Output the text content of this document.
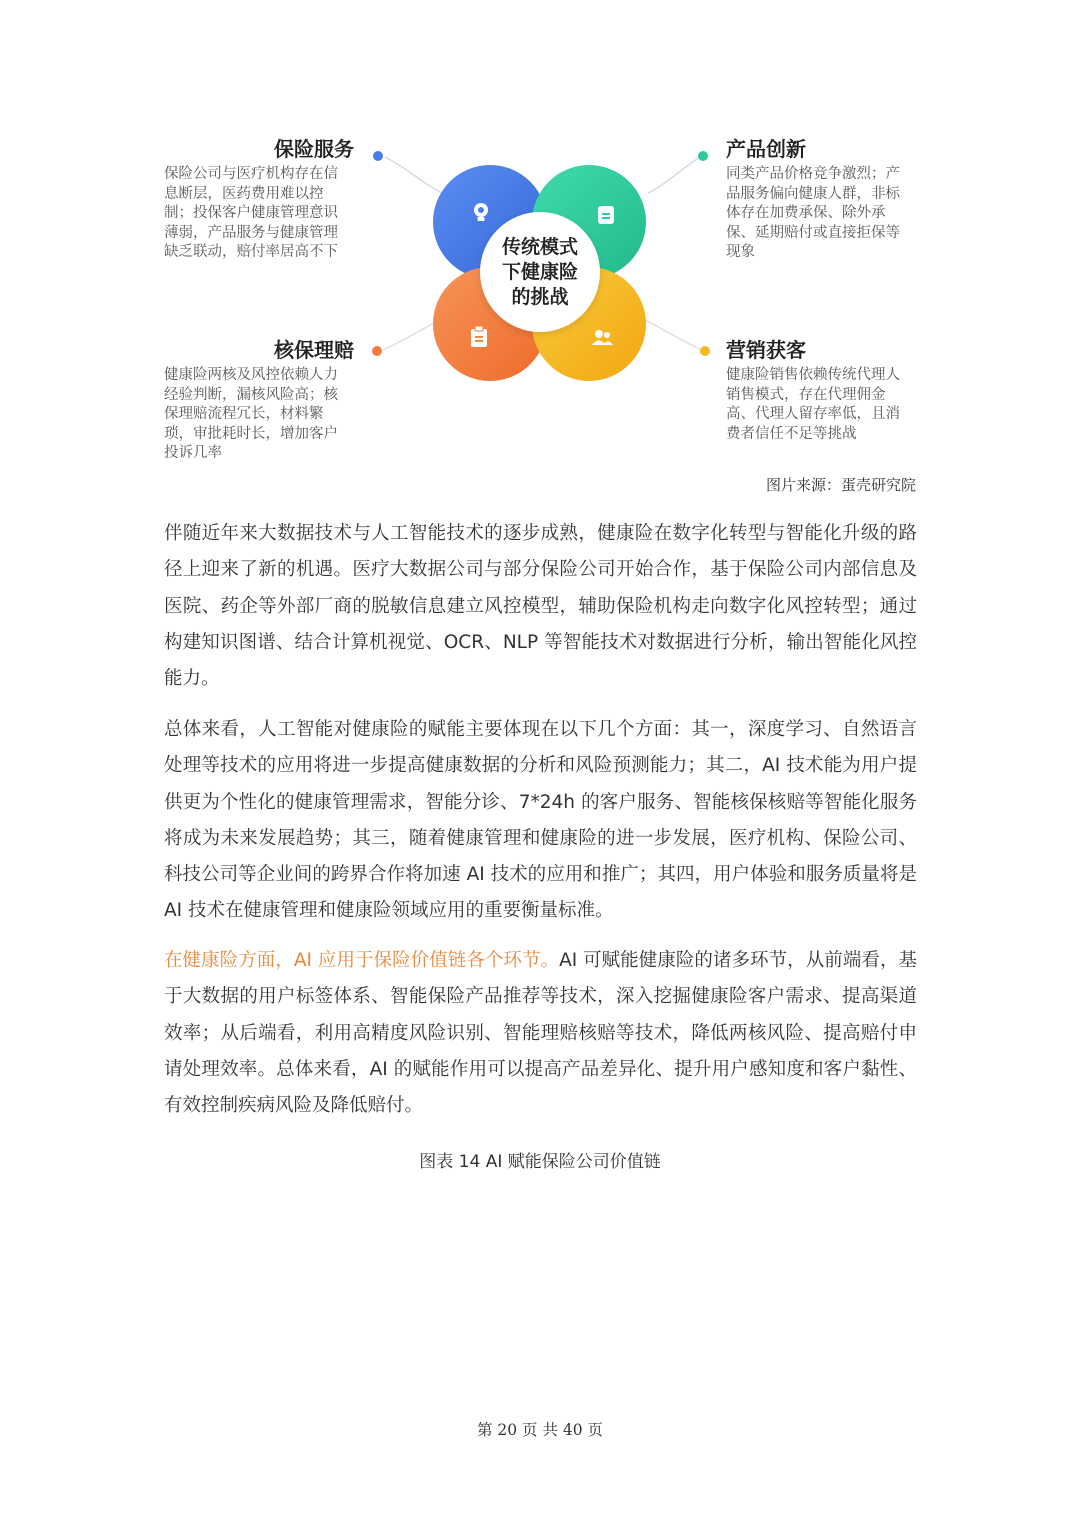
传统模式
下健康险
的挑战
保险服务
保险公司与医疗机构存在信息断层，医药费用难以控制；投保客户健康管理意识薄弱，产品服务与健康管理缺乏联动，赔付率居高不下
产品创新
同类产品价格竞争激烈；产品服务偏向健康人群，非标体存在加费承保、除外承保、延期赔付或直接拒保等现象
核保理赔
健康险两核及风控依赖人力经验判断，漏核风险高；核保理赔流程冗长，材料繁琐，审批耗时长，增加客户投诉几率
营销获客
健康险销售依赖传统代理人销售模式，存在代理佣金高、代理人留存率低，且消费者信任不足等挑战
图片来源：蛋壳研究院
伴随近年来大数据技术与人工智能技术的逐步成熟，健康险在数字化转型与智能化升级的路径上迎来了新的机遇。医疗大数据公司与部分保险公司开始合作，基于保险公司内部信息及医院、药企等外部厂商的脱敏信息建立风控模型，辅助保险机构走向数字化风控转型；通过构建知识图谱、结合计算机视觉、OCR、NLP 等智能技术对数据进行分析，输出智能化风控能力。
总体来看，人工智能对健康险的赋能主要体现在以下几个方面：其一，深度学习、自然语言处理等技术的应用将进一步提高健康数据的分析和风险预测能力；其二，AI 技术能为用户提供更为个性化的健康管理需求，智能分诊、7*24h 的客户服务、智能核保核赔等智能化服务将成为未来发展趋势；其三，随着健康管理和健康险的进一步发展，医疗机构、保险公司、科技公司等企业间的跨界合作将加速 AI 技术的应用和推广；其四，用户体验和服务质量将是 AI 技术在健康管理和健康险领域应用的重要衡量标准。
在健康险方面，AI 应用于保险价值链各个环节。AI 可赋能健康险的诸多环节，从前端看，基于大数据的用户标签体系、智能保险产品推荐等技术，深入挖掘健康险客户需求、提高渠道效率；从后端看，利用高精度风险识别、智能理赔核赔等技术，降低两核风险、提高赔付申请处理效率。总体来看，AI 的赋能作用可以提高产品差异化、提升用户感知度和客户黏性、有效控制疾病风险及降低赔付。
图表 14 AI 赋能保险公司价值链
第 20 页 共 40 页
